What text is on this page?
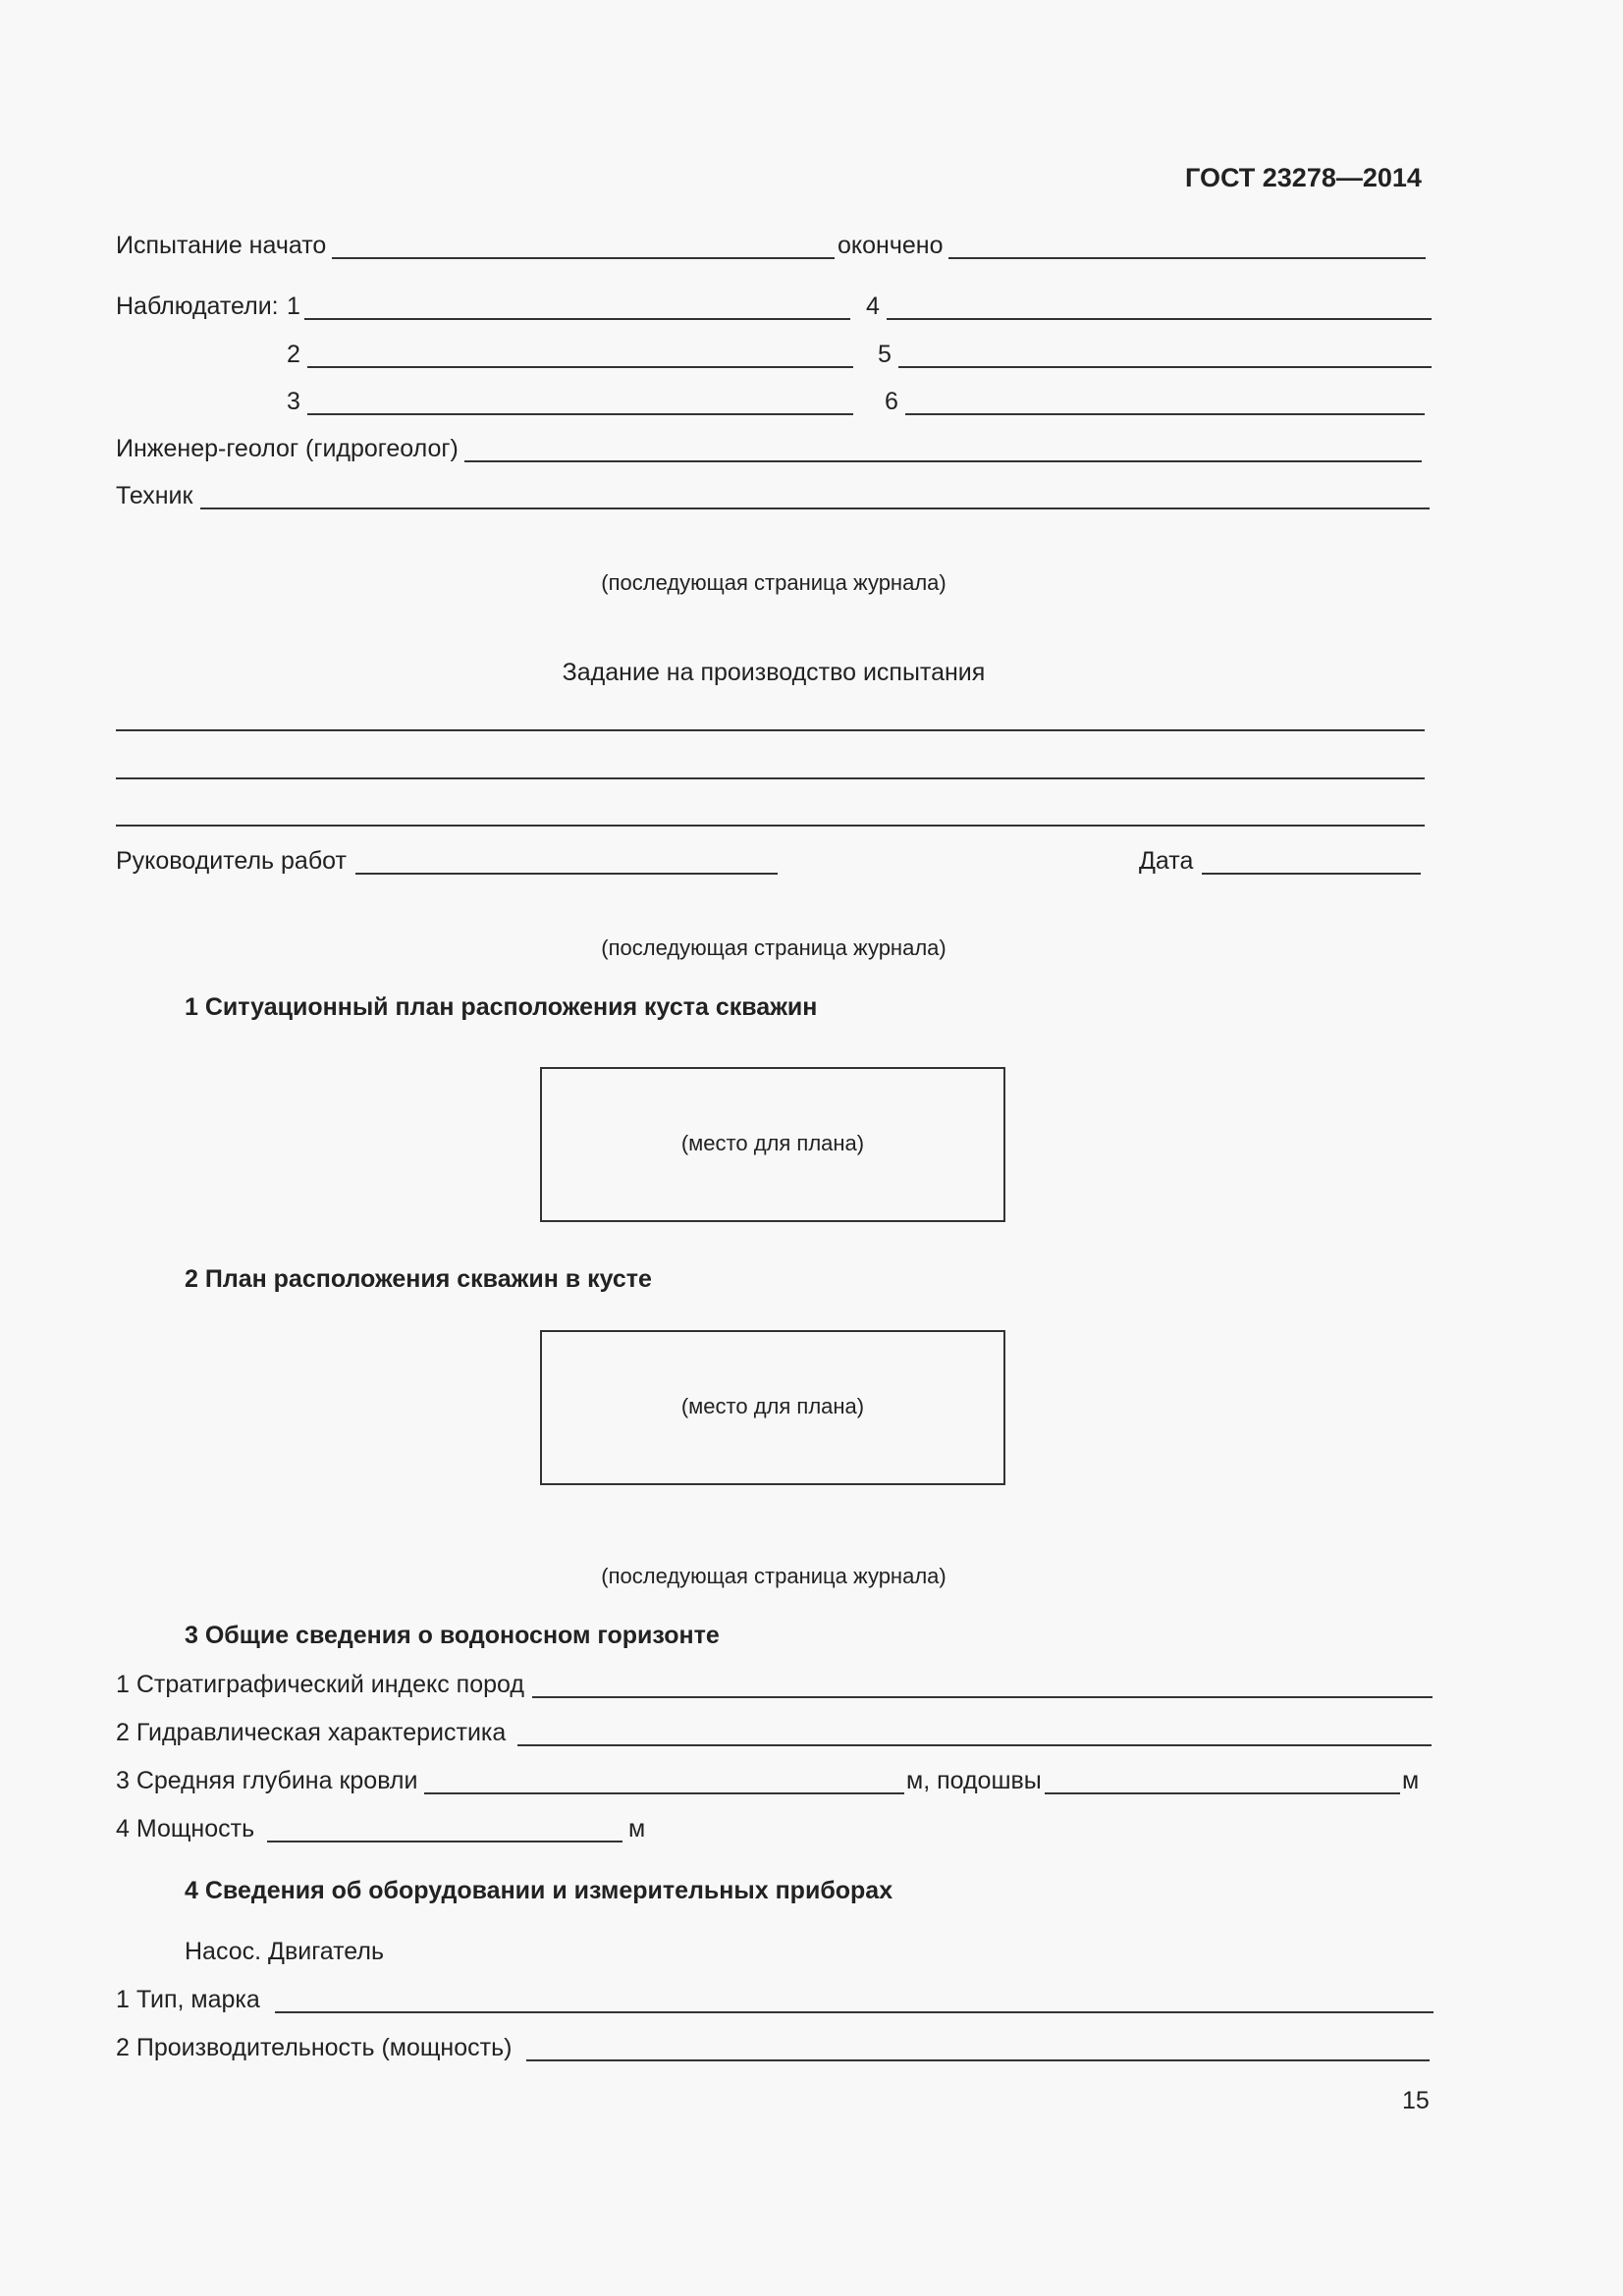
ГОСТ 23278—2014
Испытание начато	окончено
Наблюдатели: 1	4
2	5
3	6
Инженер-геолог (гидрогеолог)
Техник
(последующая страница журнала)
Задание на производство испытания
Руководитель работ	Дата
(последующая страница журнала)
1 Ситуационный план расположения куста скважин
(место для плана)
2 План расположения скважин в кусте
(место для плана)
(последующая страница журнала)
3 Общие сведения о водоносном горизонте
1 Стратиграфический индекс пород
2 Гидравлическая характеристика
3 Средняя глубина кровли	м, подошвы	м
4 Мощность	м
4 Сведения об оборудовании и измерительных приборах
Насос. Двигатель
1 Тип, марка
2 Производительность (мощность)
15
